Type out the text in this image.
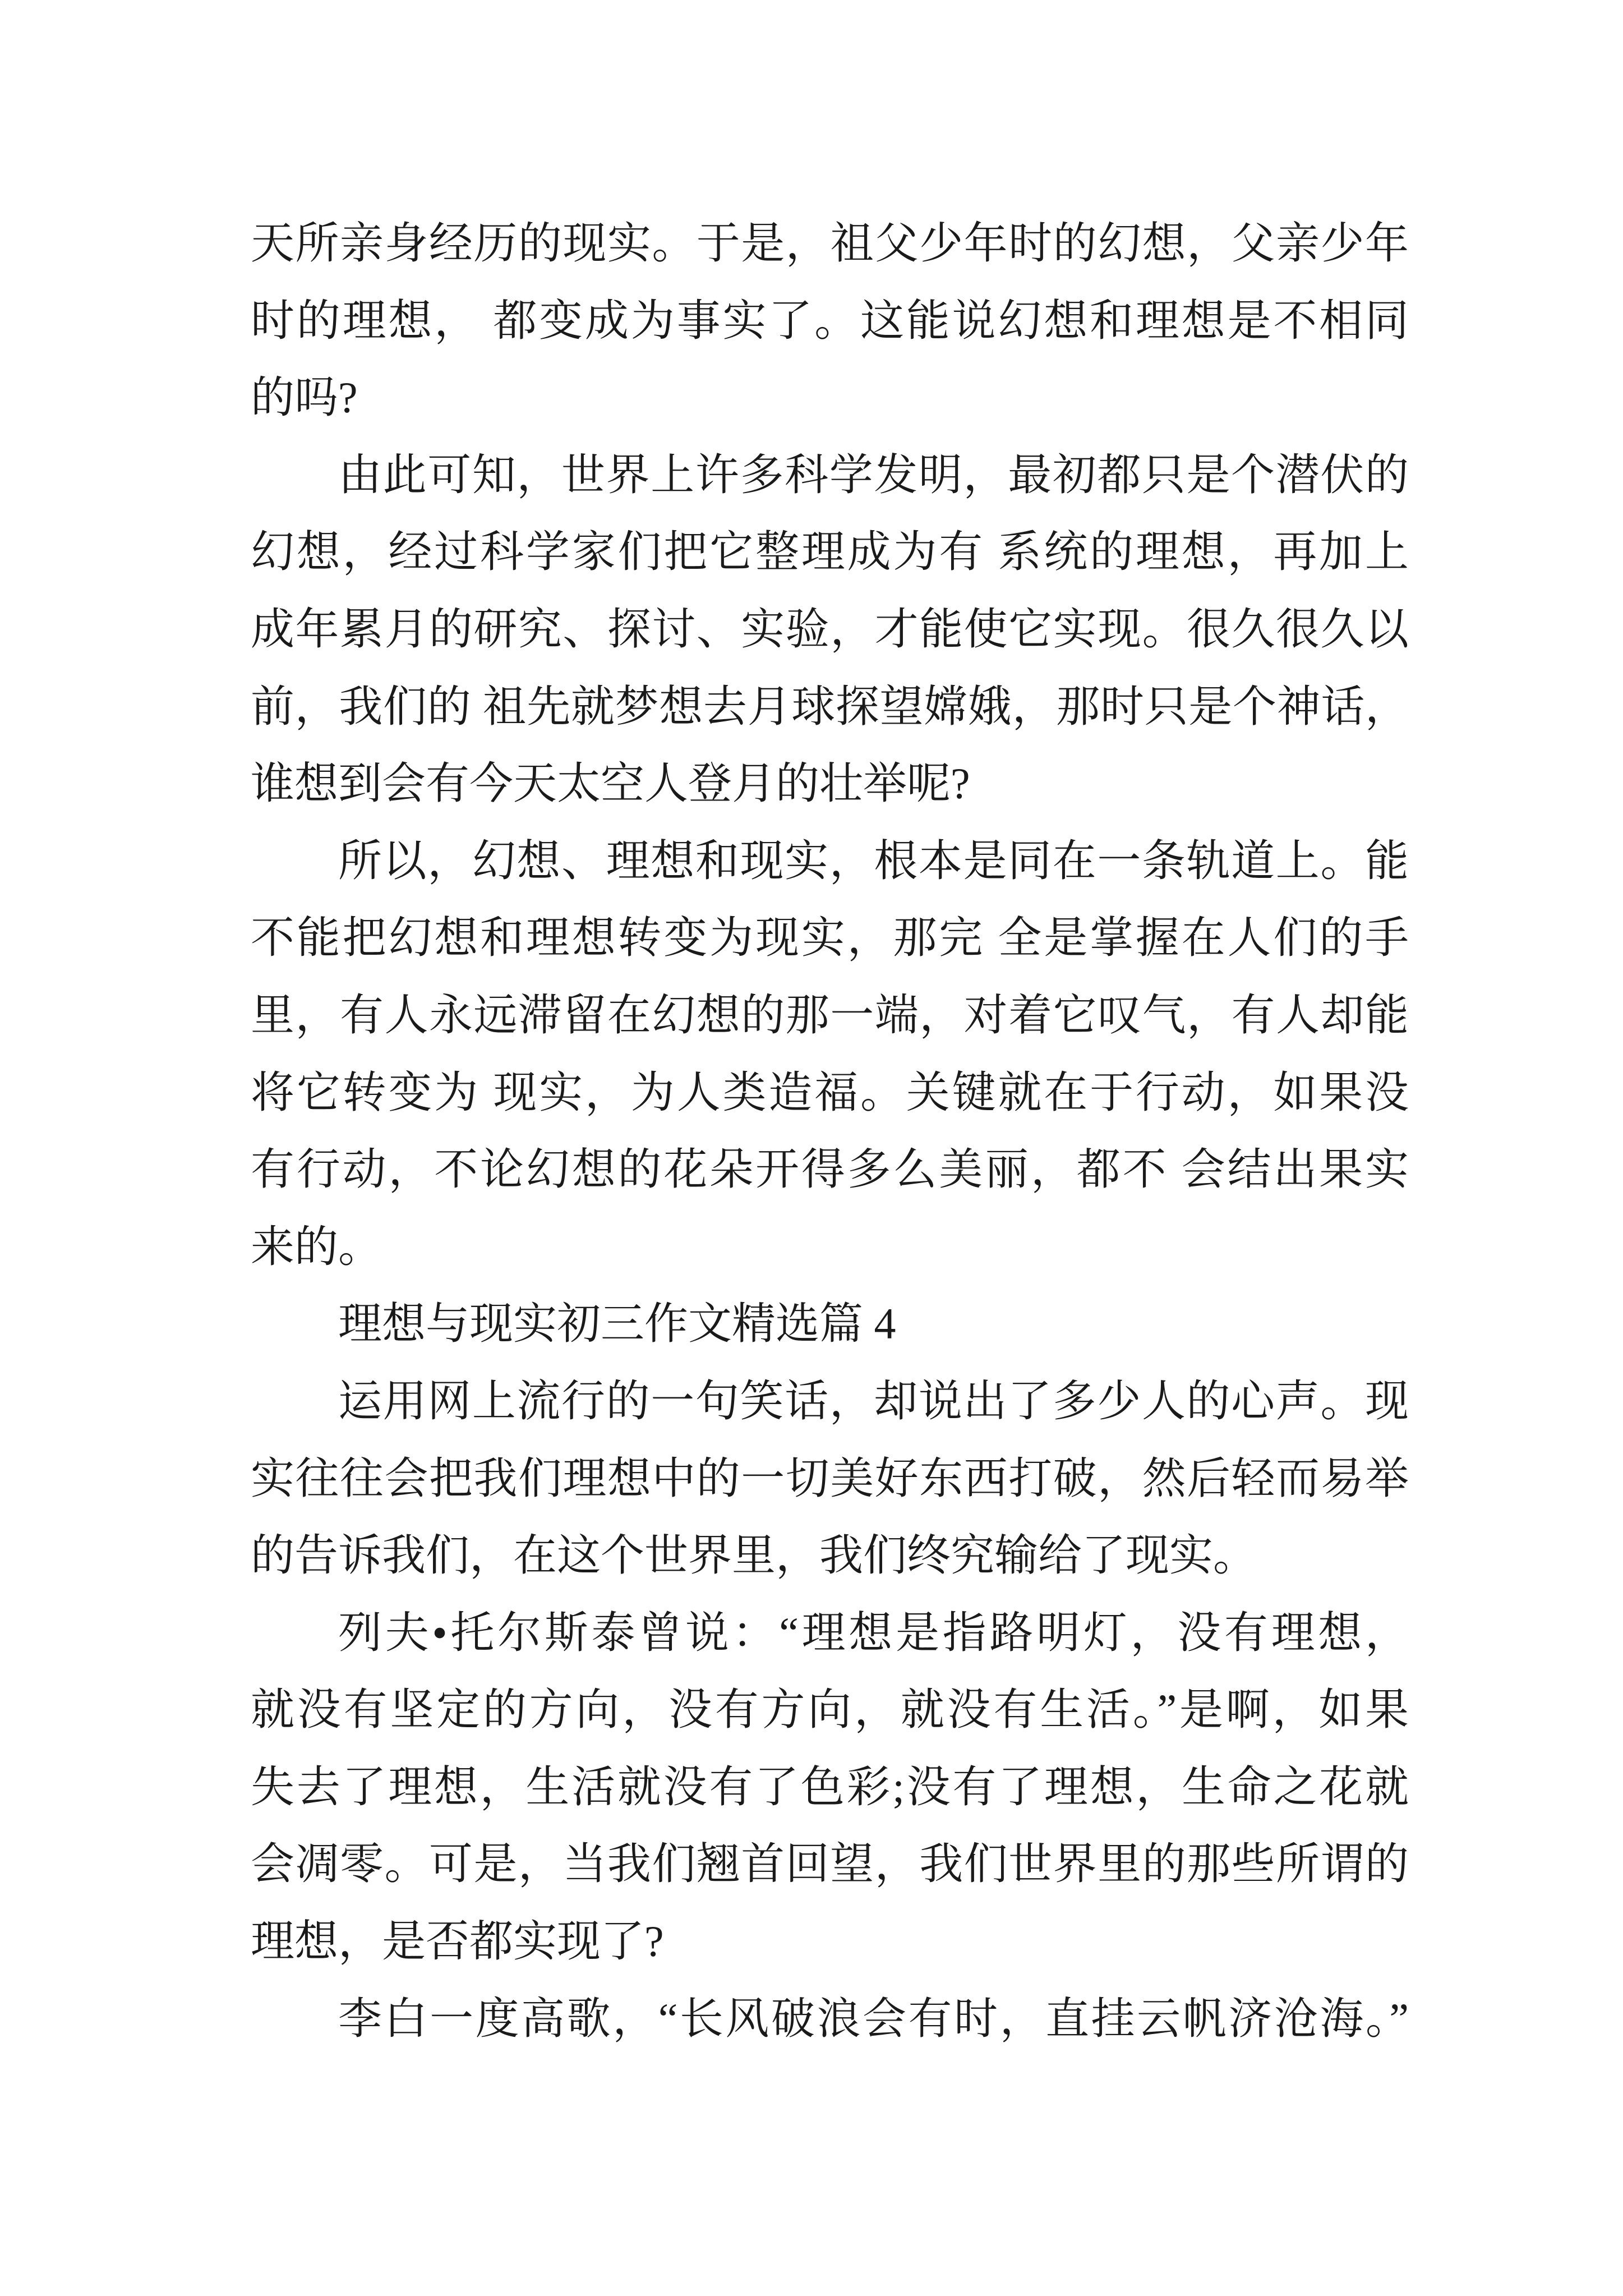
天所亲身经历的现实。于是，祖父少年时的幻想，父亲少年
时的理想， 都变成为事实了。这能说幻想和理想是不相同
的吗?
由此可知，世界上许多科学发明，最初都只是个潜伏的
幻想，经过科学家们把它整理成为有 系统的理想，再加上
成年累月的研究、探讨、实验，才能使它实现。很久很久以
前，我们的 祖先就梦想去月球探望嫦娥，那时只是个神话，
谁想到会有今天太空人登月的壮举呢?
所以，幻想、理想和现实，根本是同在一条轨道上。能
不能把幻想和理想转变为现实，那完 全是掌握在人们的手
里，有人永远滞留在幻想的那一端，对着它叹气，有人却能
将它转变为 现实，为人类造福。关键就在于行动，如果没
有行动，不论幻想的花朵开得多么美丽，都不 会结出果实
来的。
理想与现实初三作文精选篇 4
运用网上流行的一句笑话，却说出了多少人的心声。现
实往往会把我们理想中的一切美好东西打破，然后轻而易举
的告诉我们，在这个世界里，我们终究输给了现实。
列夫•托尔斯泰曾说：“理想是指路明灯，没有理想，
就没有坚定的方向，没有方向，就没有生活。”是啊，如果
失去了理想，生活就没有了色彩;没有了理想，生命之花就
会凋零。可是，当我们翘首回望，我们世界里的那些所谓的
理想，是否都实现了?
李白一度高歌，“长风破浪会有时，直挂云帆济沧海。”
